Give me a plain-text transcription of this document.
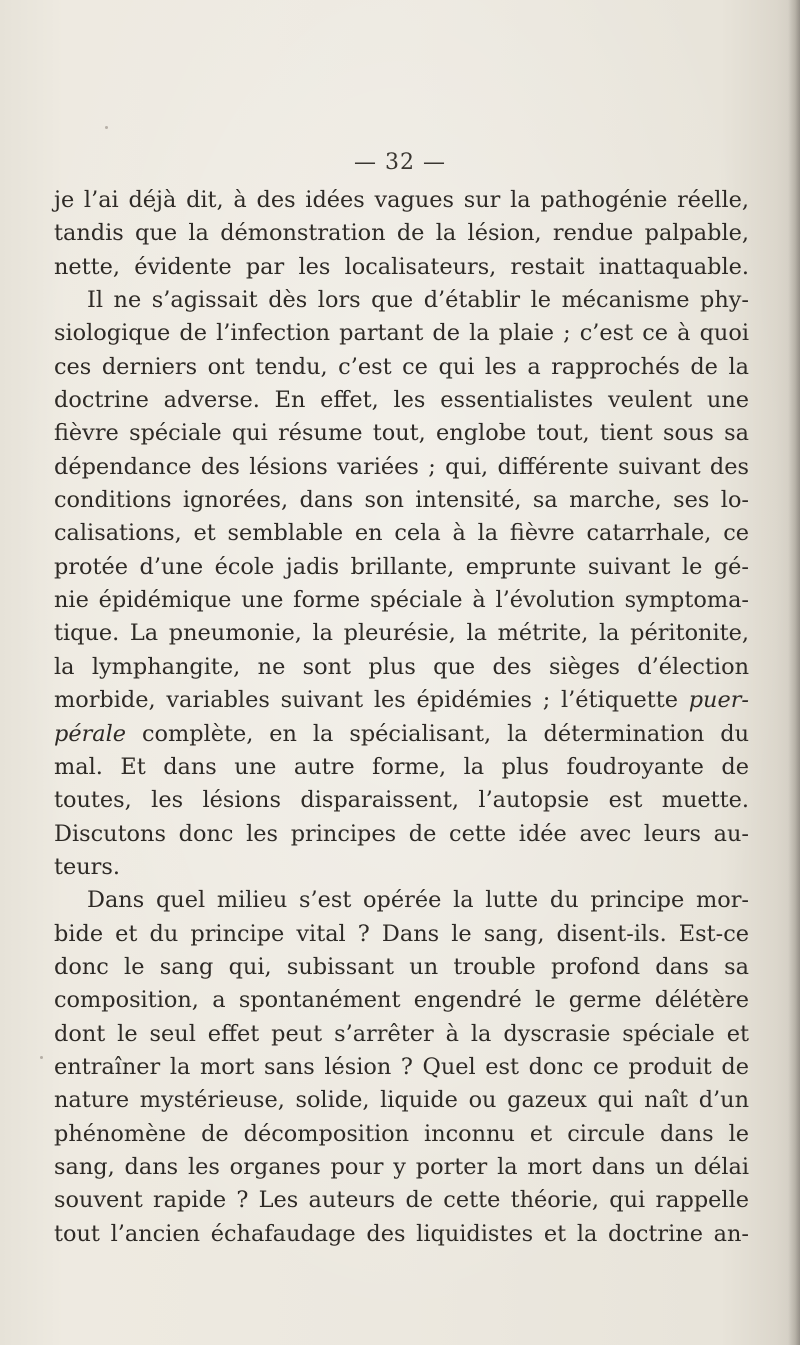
— 32 —
je l’ai déjà dit, à des idées vagues sur la pathogénie réelle,
tandis que la démonstration de la lésion, rendue palpable,
nette, évidente par les localisateurs, restait inattaquable.
Il ne s’agissait dès lors que d’établir le mécanisme phy-
siologique de l’infection partant de la plaie ; c’est ce à quoi
ces derniers ont tendu, c’est ce qui les a rapprochés de la
doctrine adverse. En effet, les essentialistes veulent une
fièvre spéciale qui résume tout, englobe tout, tient sous sa
dépendance des lésions variées ; qui, différente suivant des
conditions ignorées, dans son intensité, sa marche, ses lo-
calisations, et semblable en cela à la fièvre catarrhale, ce
protée d’une école jadis brillante, emprunte suivant le gé-
nie épidémique une forme spéciale à l’évolution symptoma-
tique. La pneumonie, la pleurésie, la métrite, la péritonite,
la lymphangite, ne sont plus que des sièges d’élection
morbide, variables suivant les épidémies ; l’étiquette puer-
pérale complète, en la spécialisant, la détermination du
mal. Et dans une autre forme, la plus foudroyante de
toutes, les lésions disparaissent, l’autopsie est muette.
Discutons donc les principes de cette idée avec leurs au-
teurs.
Dans quel milieu s’est opérée la lutte du principe mor-
bide et du principe vital ? Dans le sang, disent-ils. Est-ce
donc le sang qui, subissant un trouble profond dans sa
composition, a spontanément engendré le germe délétère
dont le seul effet peut s’arrêter à la dyscrasie spéciale et
entraîner la mort sans lésion ? Quel est donc ce produit de
nature mystérieuse, solide, liquide ou gazeux qui naît d’un
phénomène de décomposition inconnu et circule dans le
sang, dans les organes pour y porter la mort dans un délai
souvent rapide ? Les auteurs de cette théorie, qui rappelle
tout l’ancien échafaudage des liquidistes et la doctrine an-
